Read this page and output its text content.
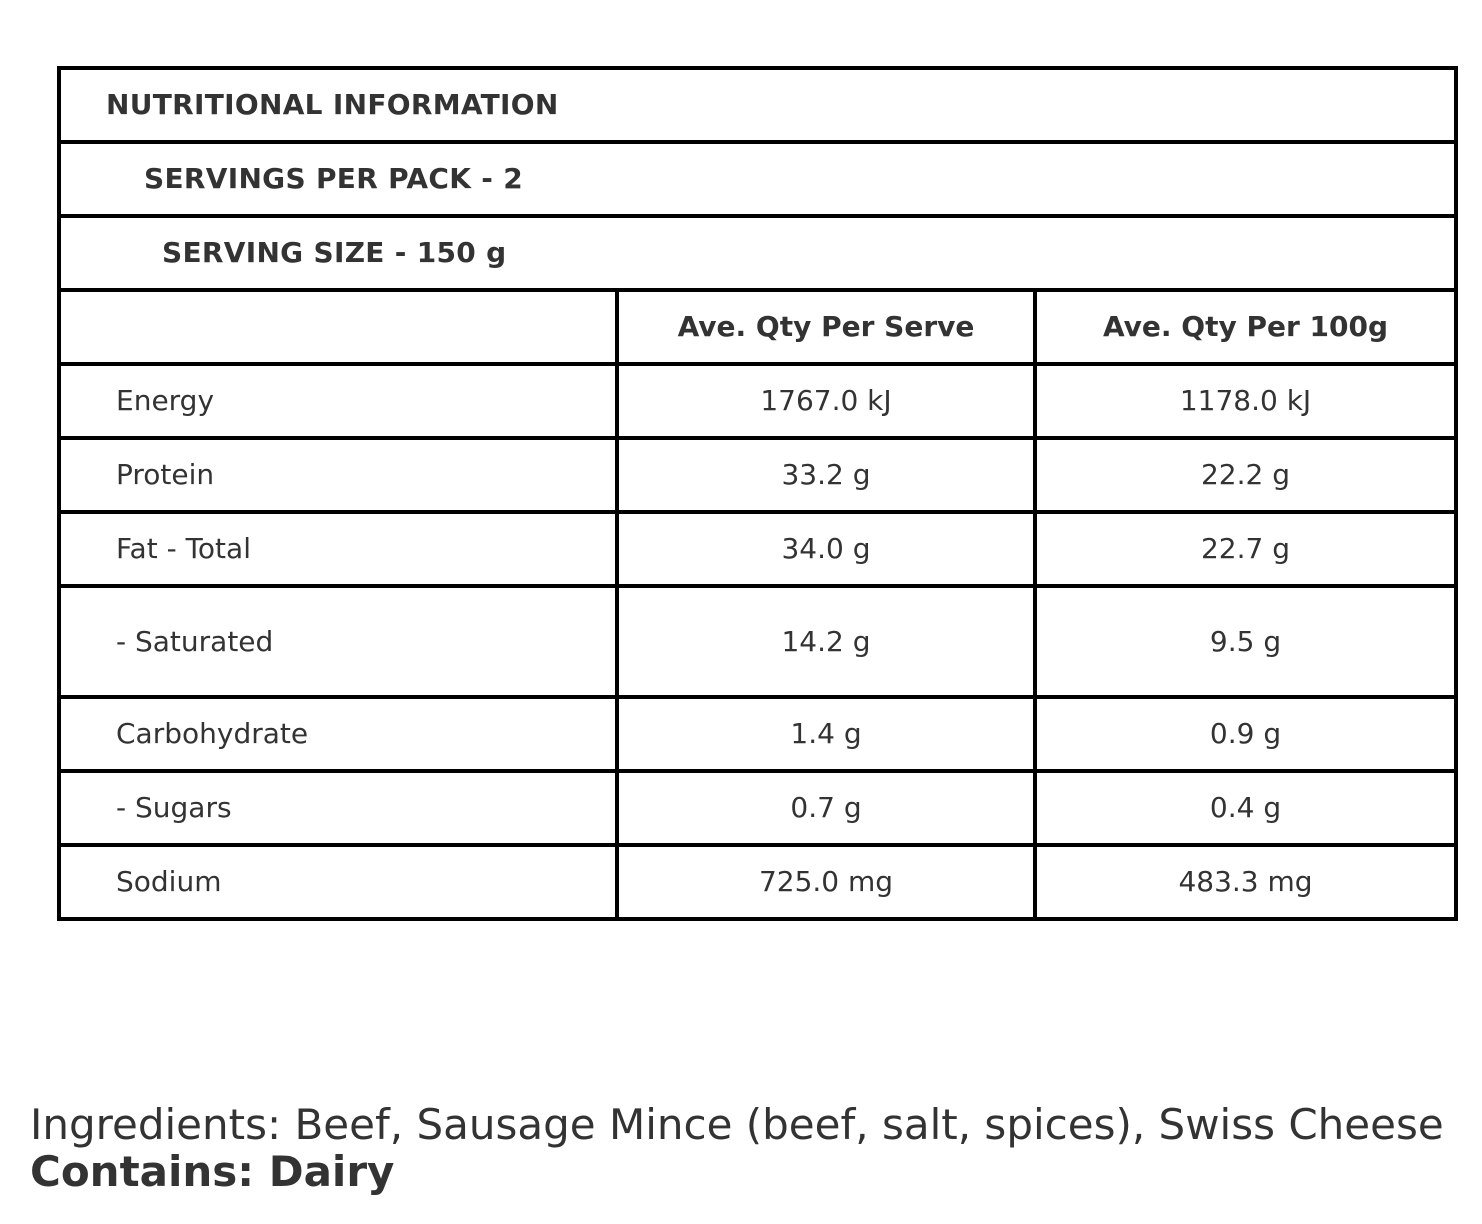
NUTRITIONAL INFORMATION		
SERVINGS PER PACK - 2		
SERVING SIZE - 150 g		
	Ave. Qty Per Serve	Ave. Qty Per 100g
Energy	1767.0 kJ	1178.0 kJ
Protein	33.2 g	22.2 g
Fat - Total	34.0 g	22.7 g
- Saturated	14.2 g	9.5 g
Carbohydrate	1.4 g	0.9 g
- Sugars	0.7 g	0.4 g
Sodium	725.0 mg	483.3 mg
Ingredients: Beef, Sausage Mince (beef, salt, spices), Swiss Cheese
Contains: Dairy
